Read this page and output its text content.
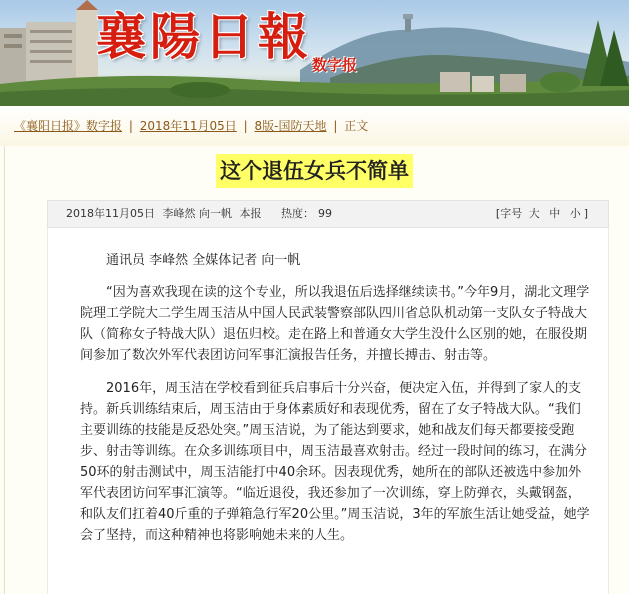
襄陽日報 数字报
《襄阳日报》数字报 | 2018年11月05日 | 8版-国防天地 | 正文
这个退伍女兵不简单
2018年11月05日 李峰然 向一帆 本报 热度： 99	[字号 大 中 小 ]

通讯员 李峰然 全媒体记者 向一帆

“因为喜欢我现在读的这个专业，所以我退伍后选择继续读书。”今年9月，湖北文理学院理工学院大二学生周玉洁从中国人民武装警察部队四川省总队机动第一支队女子特战大队（简称女子特战大队）退伍归校。走在路上和普通女大学生没什么区别的她，在服役期间参加了数次外军代表团访问军事汇演报告任务，并擅长搏击、射击等。

2016年，周玉洁在学校看到征兵启事后十分兴奋，便决定入伍，并得到了家人的支持。新兵训练结束后，周玉洁由于身体素质好和表现优秀，留在了女子特战大队。“我们主要训练的技能是反恐处突。”周玉洁说，为了能达到要求，她和战友们每天都要接受跑步、射击等训练。在众多训练项目中，周玉洁最喜欢射击。经过一段时间的练习，在满分50环的射击测试中，周玉洁能打中40余环。因表现优秀，她所在的部队还被选中参加外军代表团访问军事汇演等。“临近退役，我还参加了一次训练，穿上防弹衣，头戴钢盔，和队友们扛着40斤重的子弹箱急行军20公里。”周玉洁说，3年的军旅生活让她受益，她学会了坚持，而这种精神也将影响她未来的人生。
